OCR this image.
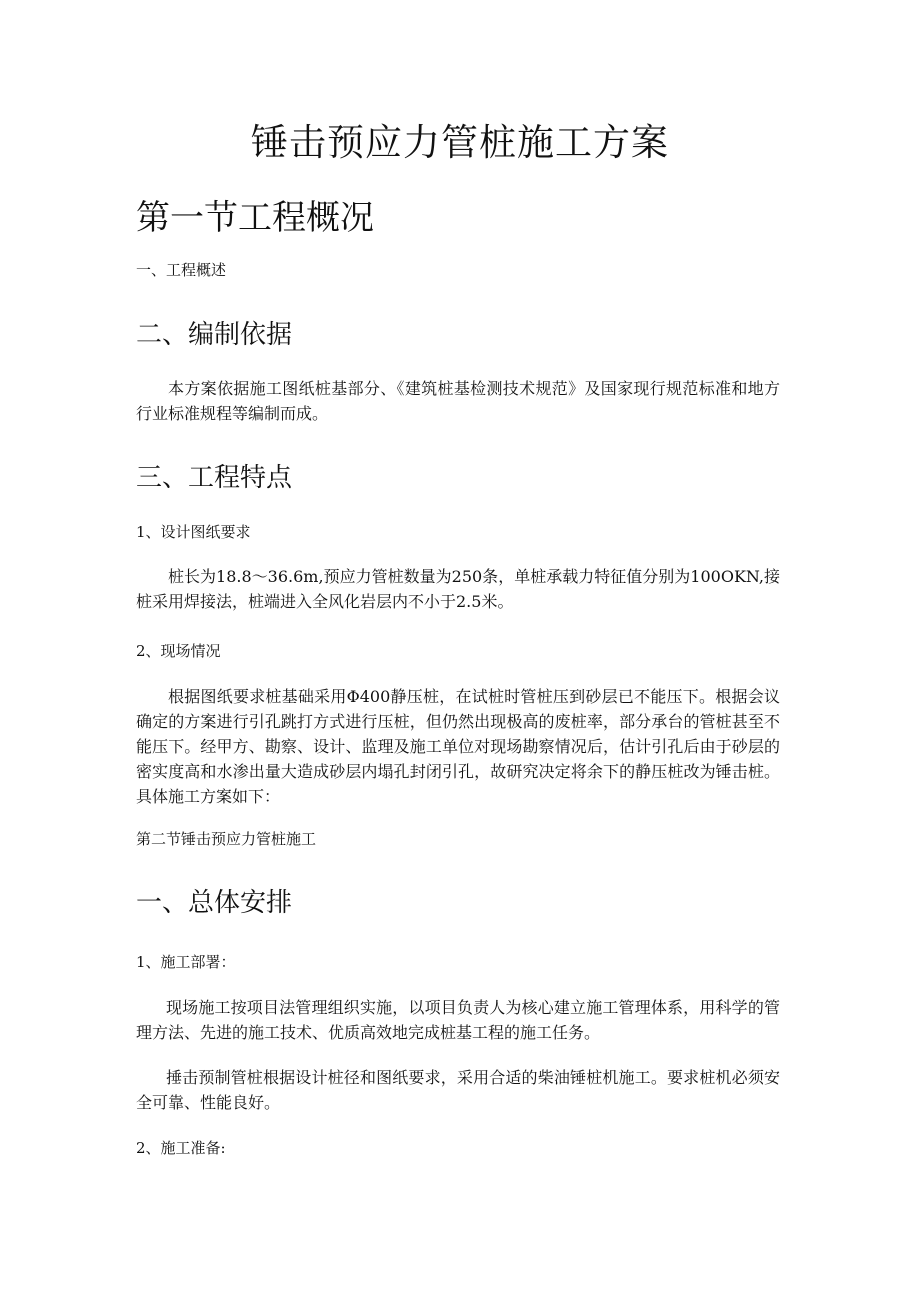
锤击预应力管桩施工方案
第一节工程概况
一、工程概述
二、编制依据

本方案依据施工图纸桩基部分、《建筑桩基检测技术规范》及国家现行规范标准和地方行业标准规程等编制而成。

三、工程特点
1、设计图纸要求

桩长为18.8～36.6m,预应力管桩数量为250条，单桩承载力特征值分别为100OKN,接桩采用焊接法，桩端进入全风化岩层内不小于2.5米。

2、现场情况

根据图纸要求桩基础采用Φ400静压桩，在试桩时管桩压到砂层已不能压下。根据会议确定的方案进行引孔跳打方式进行压桩，但仍然出现极高的废桩率，部分承台的管桩甚至不能压下。经甲方、勘察、设计、监理及施工单位对现场勘察情况后，估计引孔后由于砂层的密实度高和水渗出量大造成砂层内塌孔封闭引孔，故研究决定将余下的静压桩改为锤击桩。具体施工方案如下：

第二节锤击预应力管桩施工
一、总体安排
1、施工部署：

现场施工按项目法管理组织实施，以项目负责人为核心建立施工管理体系，用科学的管理方法、先进的施工技术、优质高效地完成桩基工程的施工任务。

捶击预制管桩根据设计桩径和图纸要求，采用合适的柴油锤桩机施工。要求桩机必须安全可靠、性能良好。

2、施工准备:
